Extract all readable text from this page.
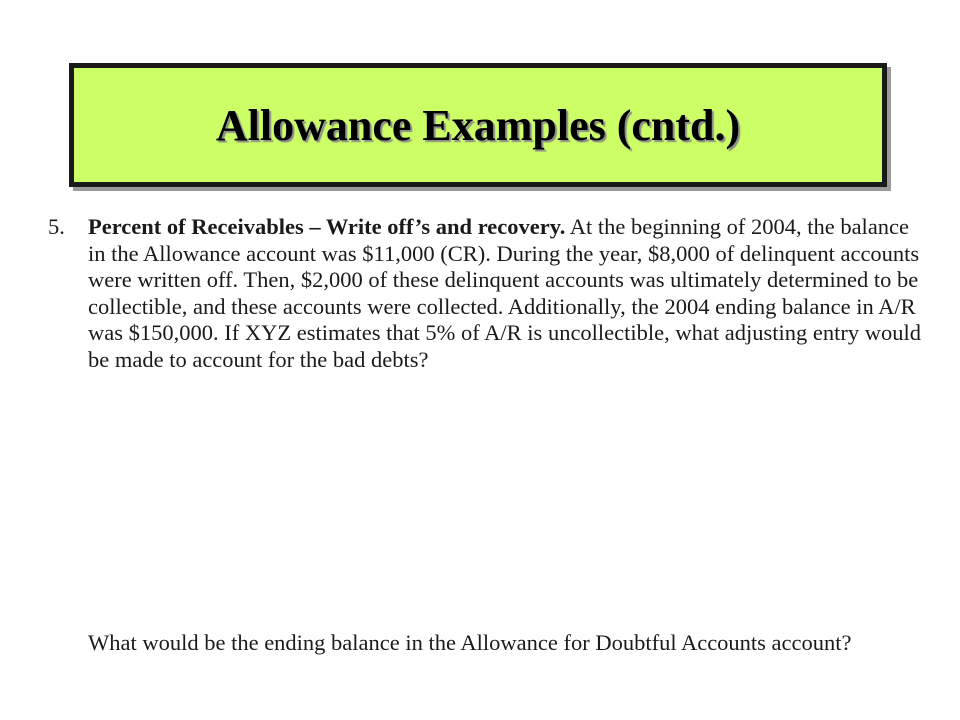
Allowance Examples (cntd.)
5.	Percent of Receivables – Write off’s and recovery. At the beginning of 2004, the balance in the Allowance account was $11,000 (CR). During the year, $8,000 of delinquent accounts were written off. Then, $2,000 of these delinquent accounts was ultimately determined to be collectible, and these accounts were collected. Additionally, the 2004 ending balance in A/R was $150,000. If XYZ estimates that 5% of A/R is uncollectible, what adjusting entry would be made to account for the bad debts?
What would be the ending balance in the Allowance for Doubtful Accounts account?
